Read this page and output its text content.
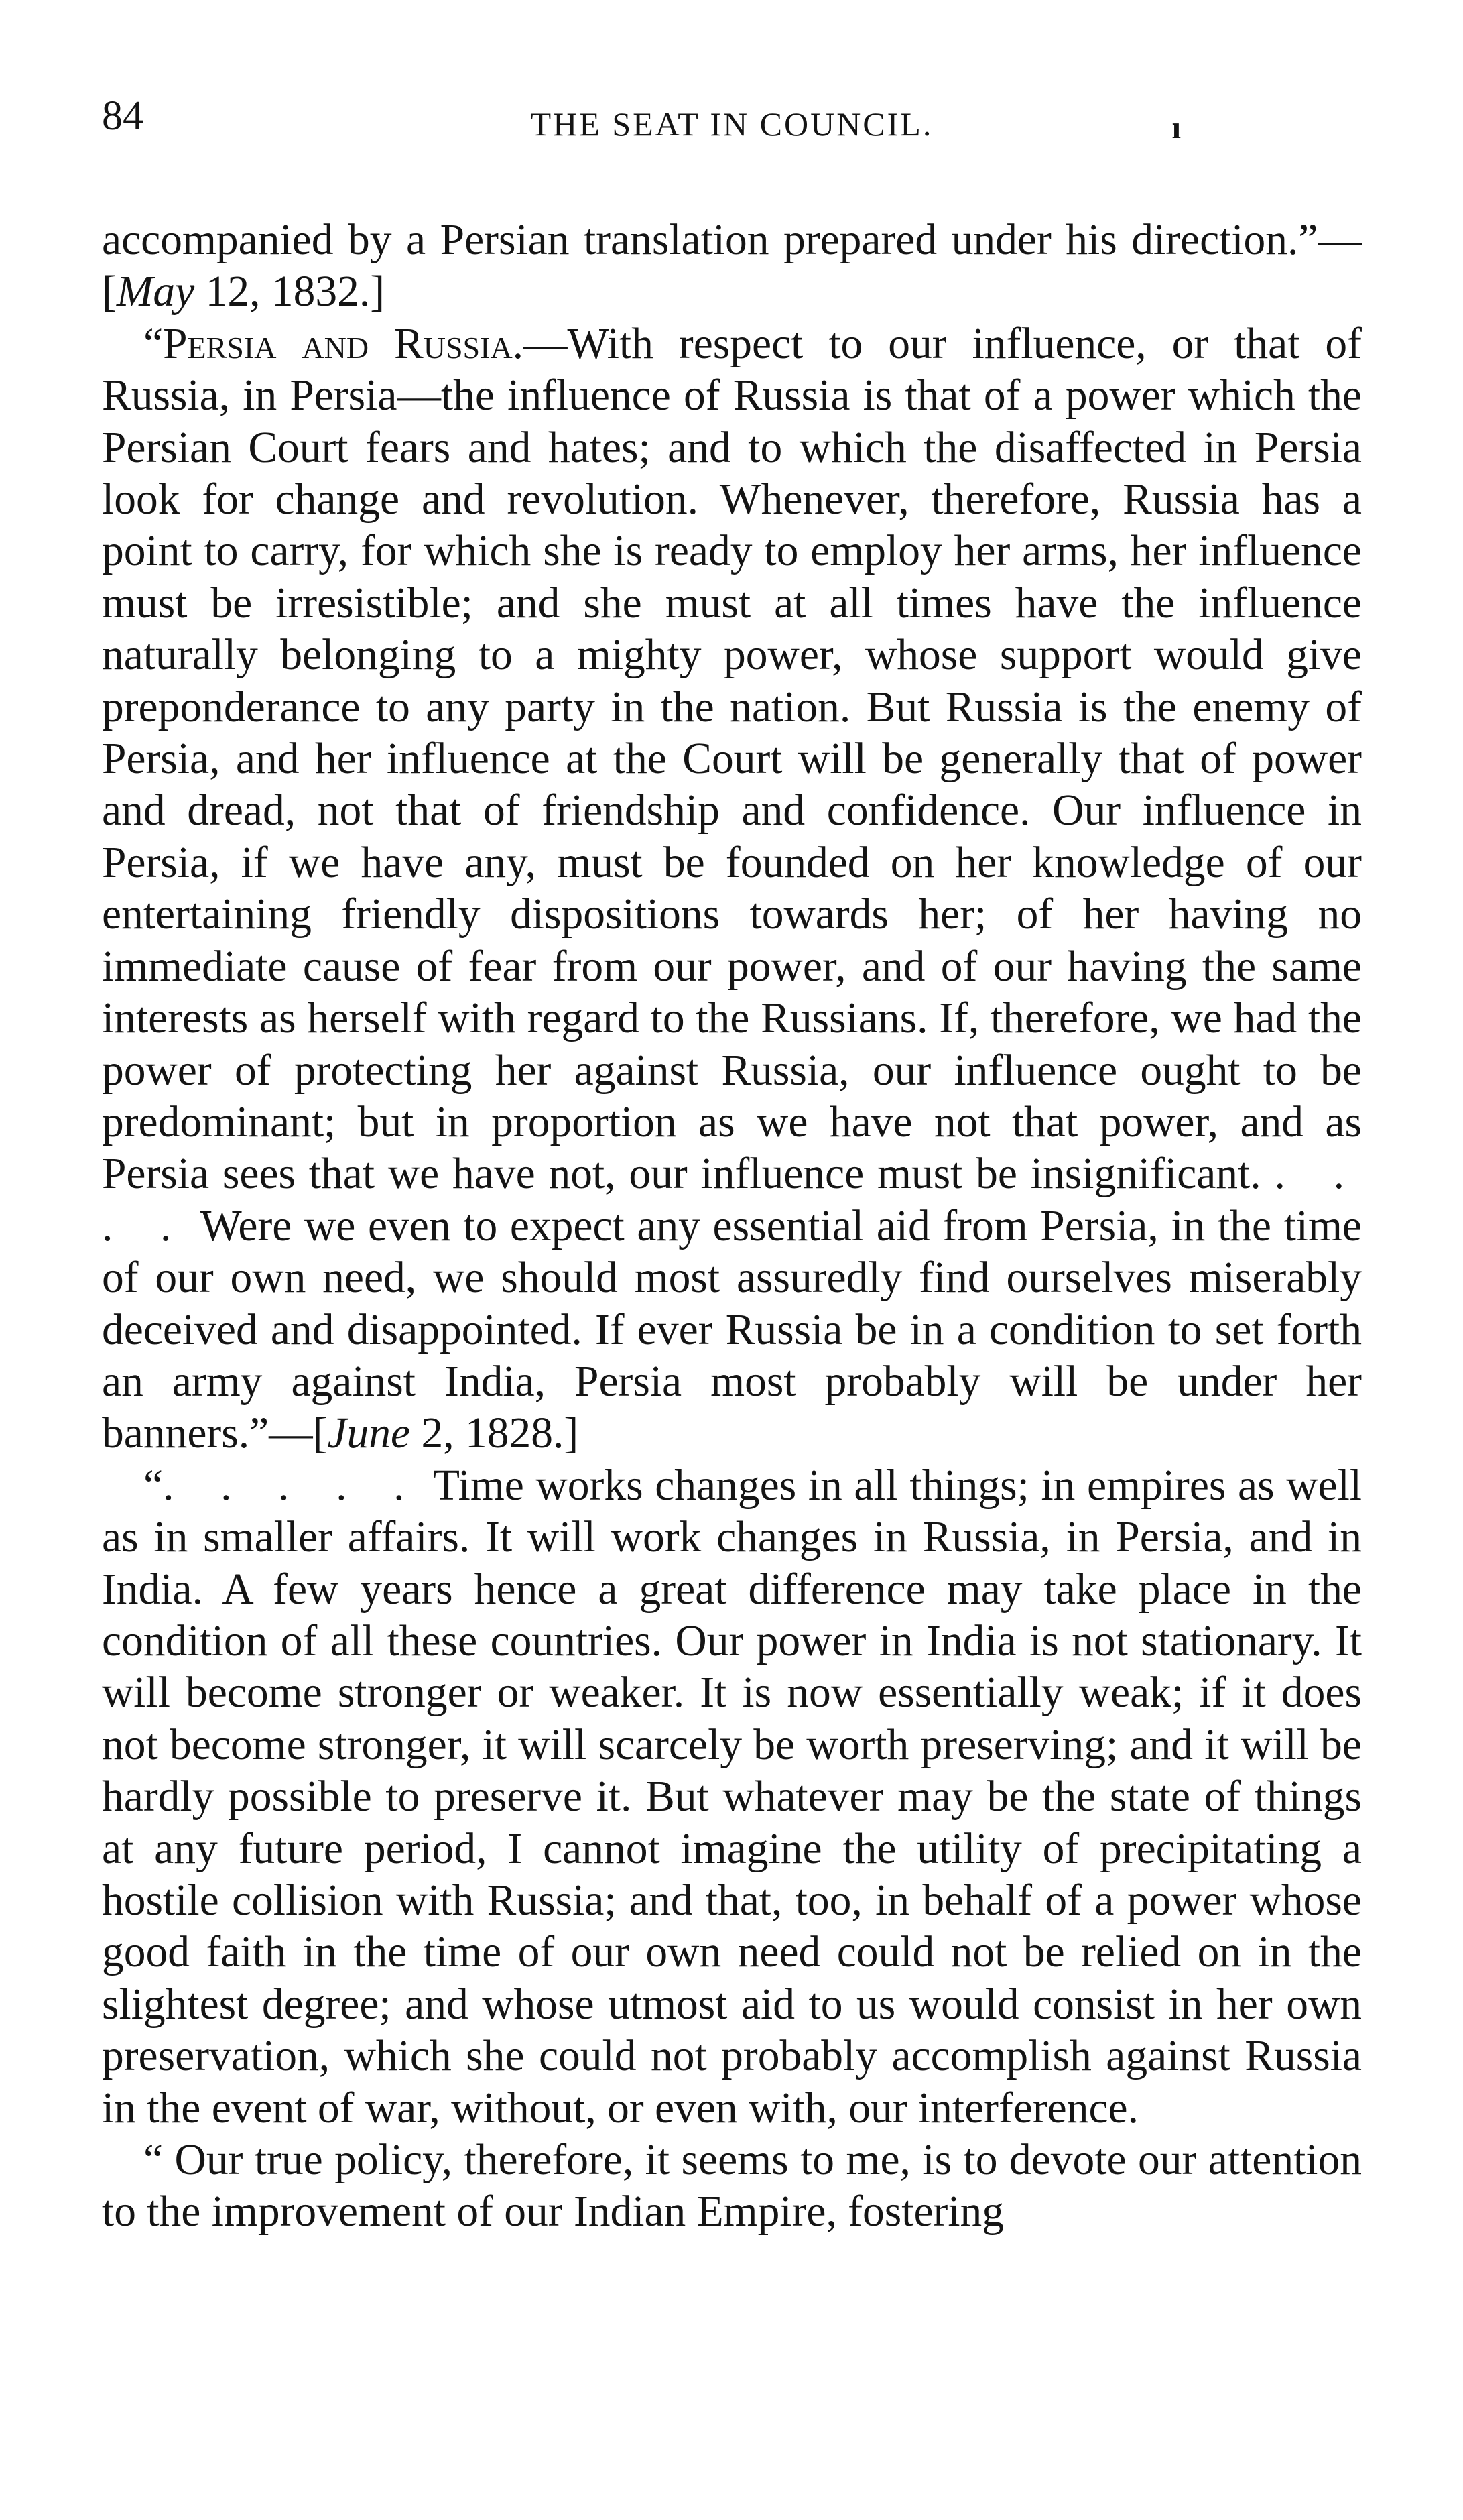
84	THE SEAT IN COUNCIL.	ı

accompanied by a Persian translation prepared under his direction.”—[May 12, 1832.]

“Persia and Russia.—With respect to our influence, or that of Russia, in Persia—the influence of Russia is that of a power which the Persian Court fears and hates; and to which the disaffected in Persia look for change and revolution. Whenever, therefore, Russia has a point to carry, for which she is ready to employ her arms, her influence must be irresistible; and she must at all times have the influence naturally belonging to a mighty power, whose support would give preponderance to any party in the nation. But Russia is the enemy of Persia, and her influence at the Court will be generally that of power and dread, not that of friendship and confidence. Our influence in Persia, if we have any, must be founded on her knowledge of our entertaining friendly dispositions towards her; of her having no immediate cause of fear from our power, and of our having the same interests as herself with regard to the Russians. If, therefore, we had the power of protecting her against Russia, our influence ought to be predominant; but in proportion as we have not that power, and as Persia sees that we have not, our influence must be insignificant. . . . . Were we even to expect any essential aid from Persia, in the time of our own need, we should most assuredly find ourselves miserably deceived and disappointed. If ever Russia be in a condition to set forth an army against India, Persia most probably will be under her banners.”—[June 2, 1828.]

“. . . . . Time works changes in all things; in empires as well as in smaller affairs. It will work changes in Russia, in Persia, and in India. A few years hence a great difference may take place in the condition of all these countries. Our power in India is not stationary. It will become stronger or weaker. It is now essentially weak; if it does not become stronger, it will scarcely be worth preserving; and it will be hardly possible to preserve it. But whatever may be the state of things at any future period, I cannot imagine the utility of precipitating a hostile collision with Russia; and that, too, in behalf of a power whose good faith in the time of our own need could not be relied on in the slightest degree; and whose utmost aid to us would consist in her own preservation, which she could not probably accomplish against Russia in the event of war, without, or even with, our interference.

“ Our true policy, therefore, it seems to me, is to devote our attention to the improvement of our Indian Empire, fostering
